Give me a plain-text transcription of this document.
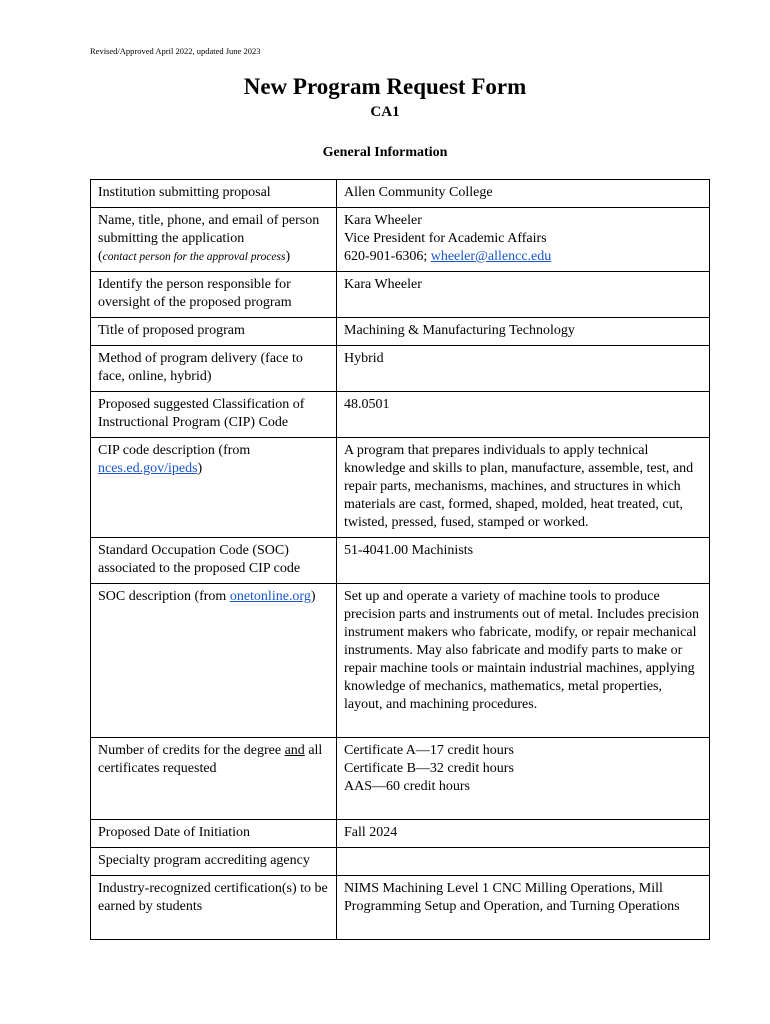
Revised/Approved April 2022, updated June 2023
New Program Request Form
CA1
General Information
Institution submitting proposal	Allen Community College
Name, title, phone, and email of person submitting the application
(contact person for the approval process)	Kara Wheeler
Vice President for Academic Affairs
620-901-6306; wheeler@allencc.edu
Identify the person responsible for oversight of the proposed program	Kara Wheeler
Title of proposed program	Machining & Manufacturing Technology
Method of program delivery (face to face, online, hybrid)	Hybrid
Proposed suggested Classification of Instructional Program (CIP) Code	48.0501
CIP code description (from nces.ed.gov/ipeds)	A program that prepares individuals to apply technical knowledge and skills to plan, manufacture, assemble, test, and repair parts, mechanisms, machines, and structures in which materials are cast, formed, shaped, molded, heat treated, cut, twisted, pressed, fused, stamped or worked.
Standard Occupation Code (SOC) associated to the proposed CIP code	51-4041.00 Machinists
SOC description (from onetonline.org)	Set up and operate a variety of machine tools to produce precision parts and instruments out of metal. Includes precision instrument makers who fabricate, modify, or repair mechanical instruments. May also fabricate and modify parts to make or repair machine tools or maintain industrial machines, applying knowledge of mechanics, mathematics, metal properties, layout, and machining procedures.
Number of credits for the degree and all certificates requested	Certificate A—17 credit hours
Certificate B—32 credit hours
AAS—60 credit hours

Proposed Date of Initiation	Fall 2024
Specialty program accrediting agency	
Industry-recognized certification(s) to be earned by students	NIMS Machining Level 1 CNC Milling Operations, Mill Programming Setup and Operation, and Turning Operations
